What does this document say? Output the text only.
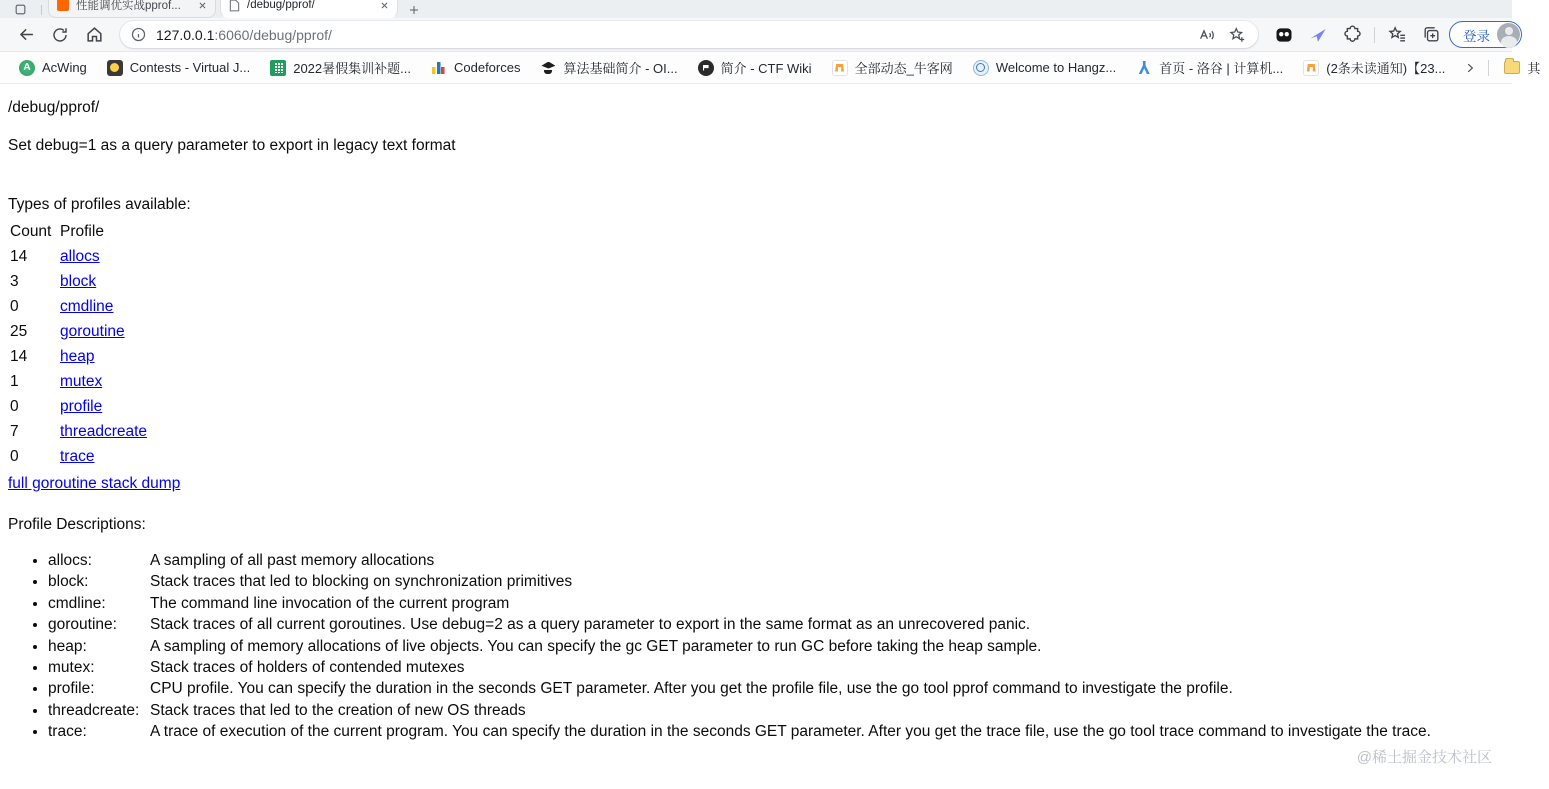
性能调优实战pprof...	/debug/pprof/
127.0.0.1:6060/debug/pprof/	登录
A
AcWing	Contests - Virtual J...	2022暑假集训补题...	Codeforces	算法基础简介 - OI...	简介 - CTF Wiki	全部动态_牛客网	Welcome to Hangz...	首页 - 洛谷 | 计算机...	(2条未读通知)【23...	其

/debug/pprof/

Set debug=1 as a query parameter to export in legacy text format

Types of profiles available:

Count	Profile
14	allocs
3	block
0	cmdline
25	goroutine
14	heap
1	mutex
0	profile
7	threadcreate
0	trace
full goroutine stack dump

Profile Descriptions:

• allocs:	A sampling of all past memory allocations
• block:	Stack traces that led to blocking on synchronization primitives
• cmdline:	The command line invocation of the current program
• goroutine: Stack traces of all current goroutines. Use debug=2 as a query parameter to export in the same format as an unrecovered panic.
• heap:	A sampling of memory allocations of live objects. You can specify the gc GET parameter to run GC before taking the heap sample.
• mutex:	Stack traces of holders of contended mutexes
• profile:	CPU profile. You can specify the duration in the seconds GET parameter. After you get the profile file, use the go tool pprof command to investigate the profile.
• threadcreate: Stack traces that led to the creation of new OS threads
• trace:	A trace of execution of the current program. You can specify the duration in the seconds GET parameter. After you get the trace file, use the go tool trace command to investigate the trace.
@稀土掘金技术社区
